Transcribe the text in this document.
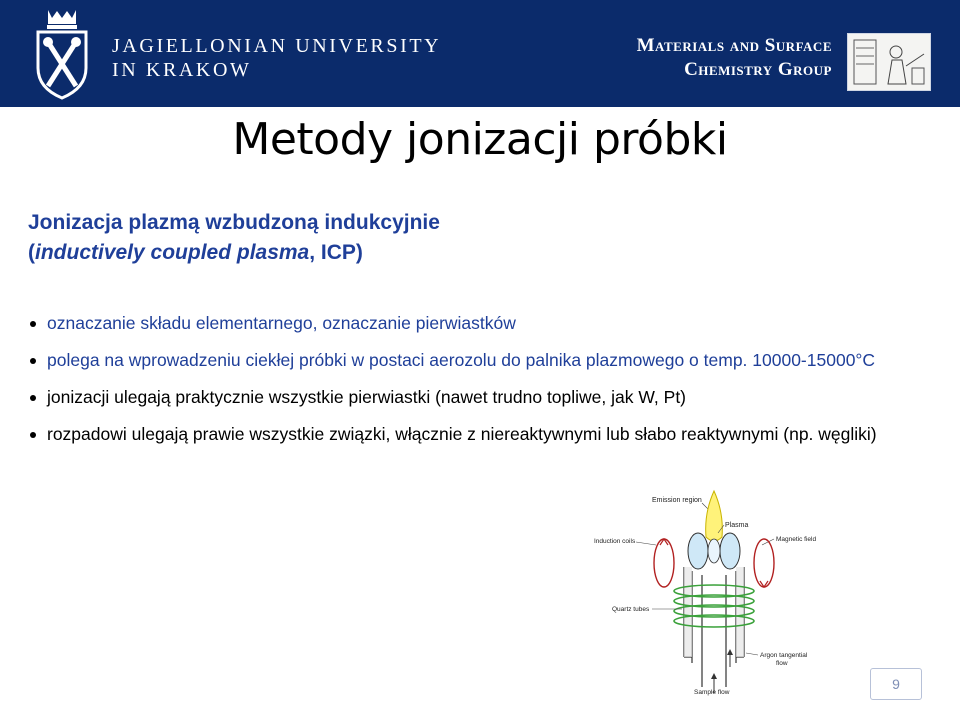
JAGIELLONIAN UNIVERSITY
IN KRAKOW
Materials and Surface
Chemistry Group
Metody jonizacji próbki
Jonizacja plazmą wzbudzoną indukcyjnie
(inductively coupled plasma, ICP)
oznaczanie składu elementarnego, oznaczanie pierwiastków
polega na wprowadzeniu ciekłej próbki w postaci aerozolu do palnika plazmowego o temp. 10000-15000°C
jonizacji ulegają praktycznie wszystkie pierwiastki (nawet trudno topliwe, jak W, Pt)
rozpadowi ulegają prawie wszystkie związki, włącznie z niereaktywnymi lub słabo reaktywnymi (np. węgliki)
Emission region
Plasma
Induction coils	Magnetic field
Quartz tubes
Argon tangential
flow
Sample flow
9
